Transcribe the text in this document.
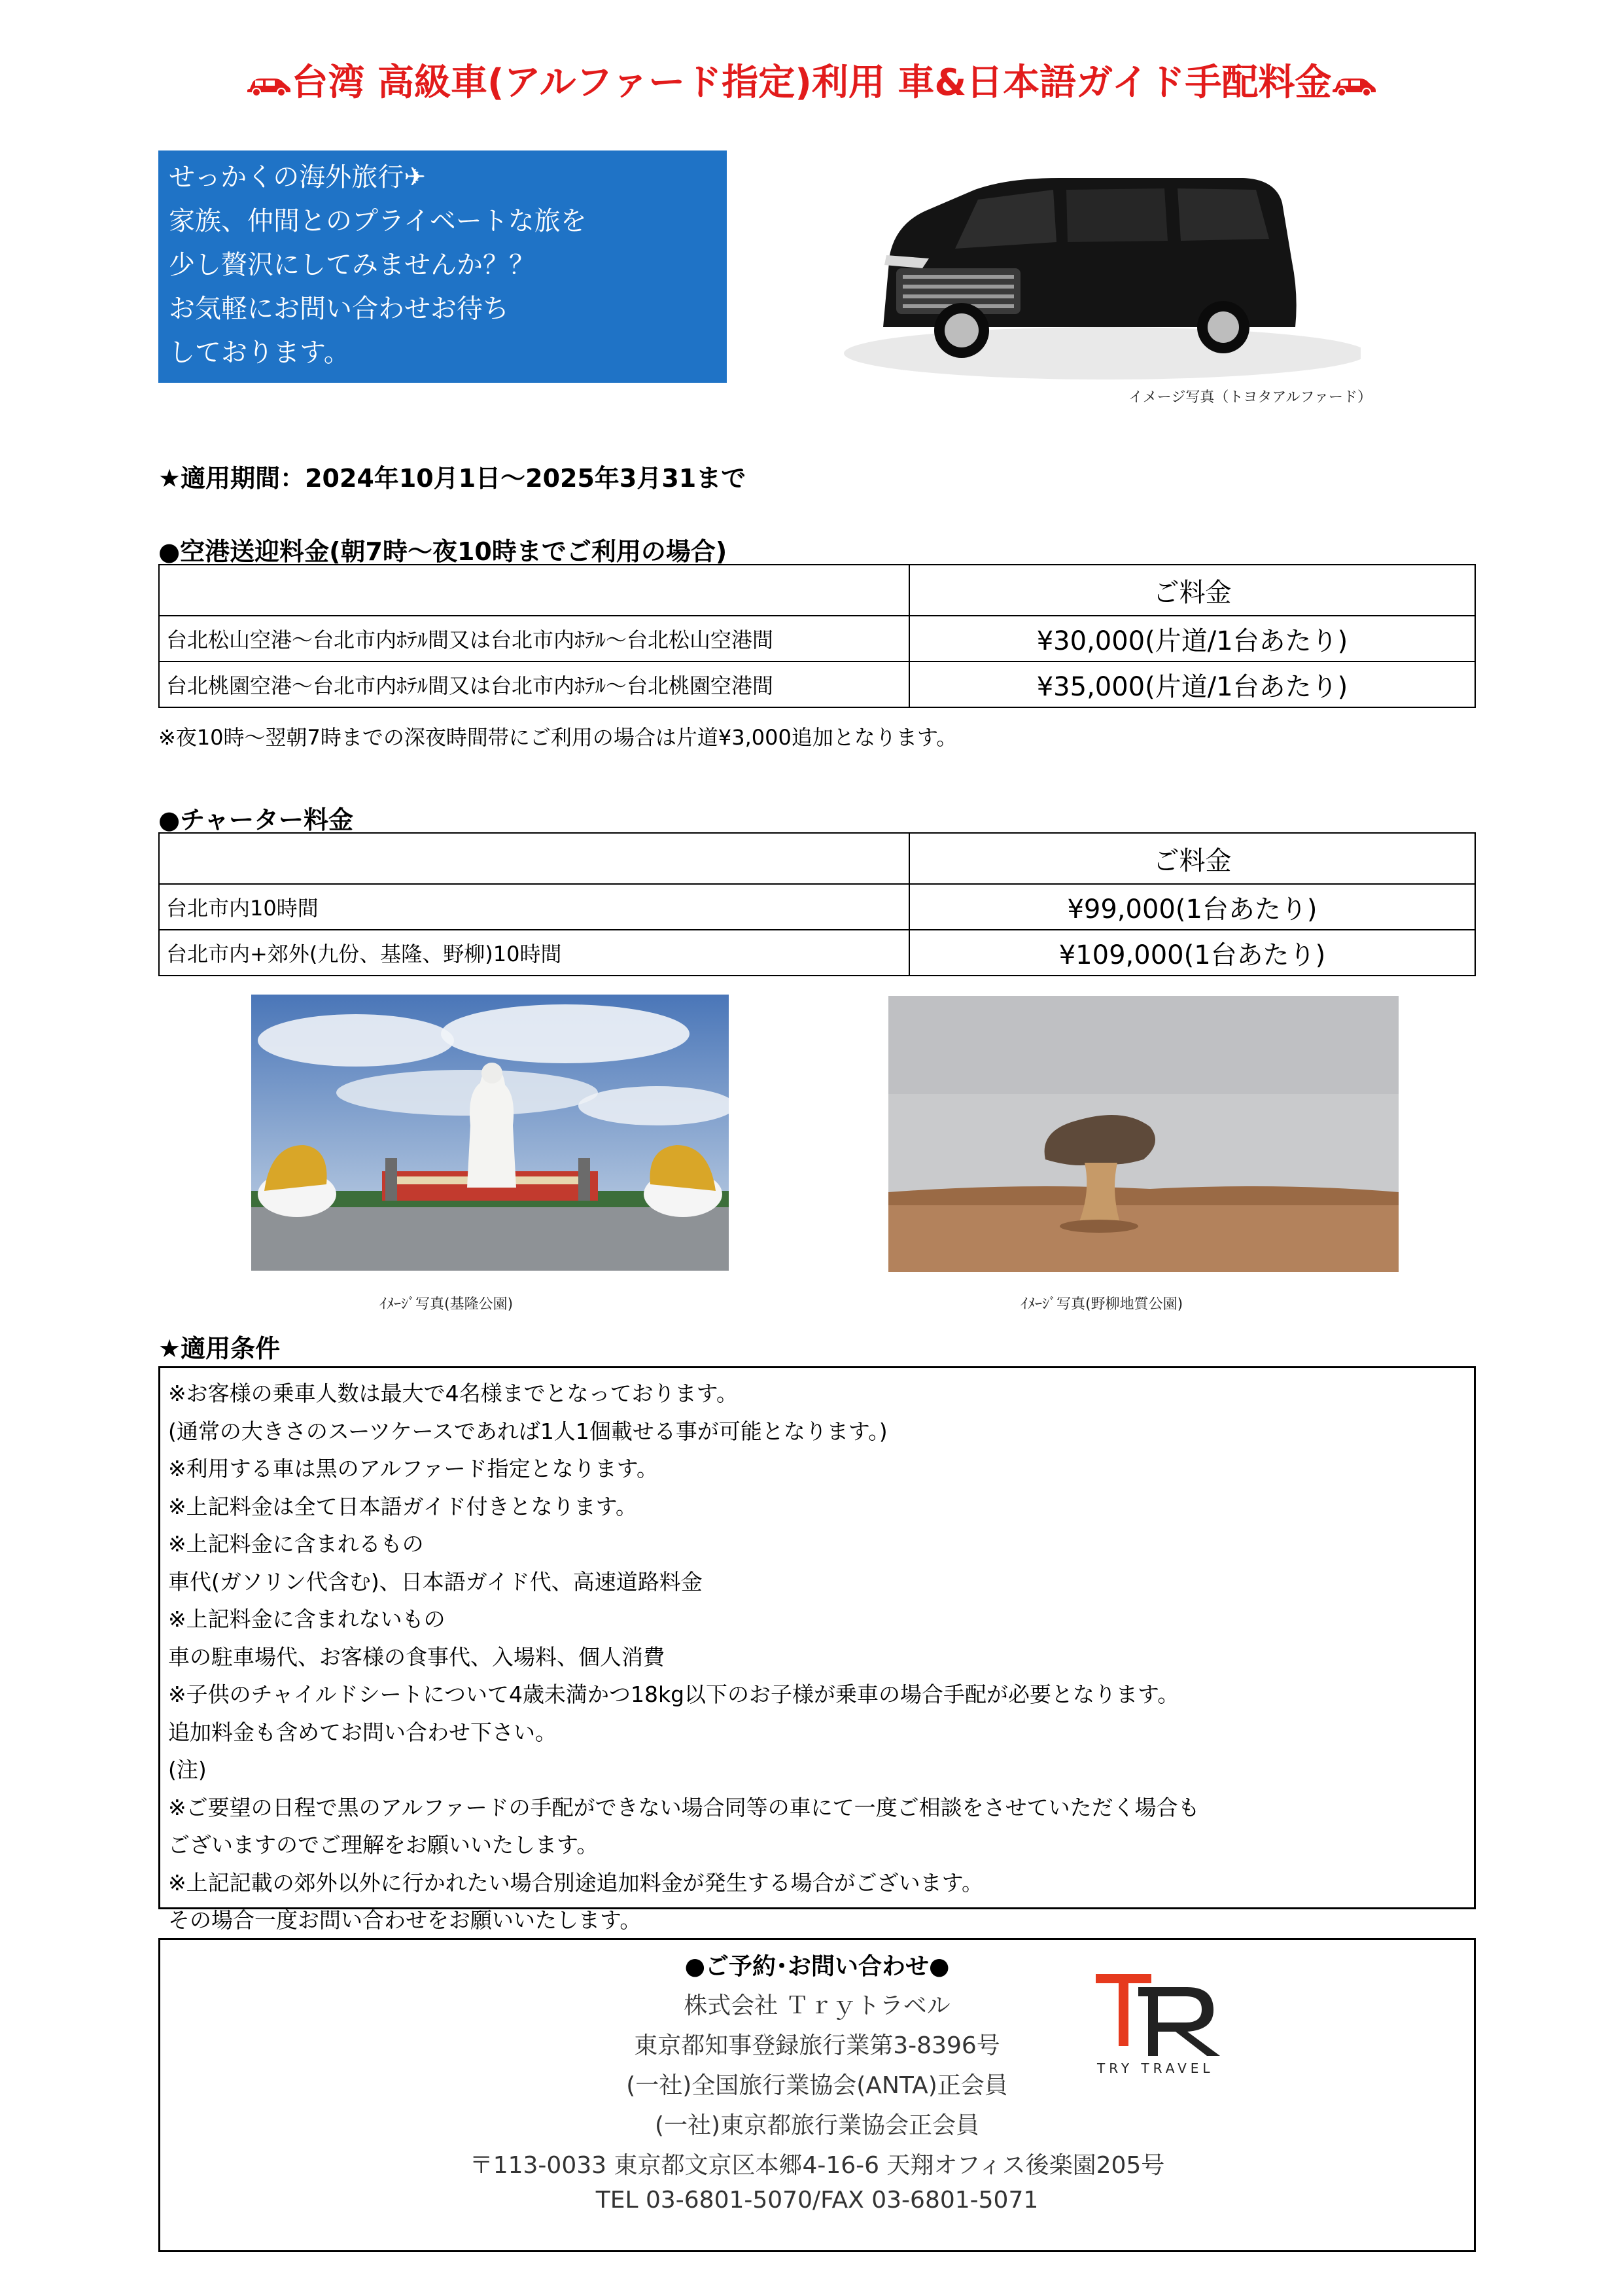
台湾 高級車(アルファード指定)利用 車&日本語ガイド手配料金
せっかくの海外旅行✈
家族、仲間とのプライベートな旅を
少し贅沢にしてみませんか？？
お気軽にお問い合わせお待ち
しております。
イメージ写真（トヨタアルファード）
★適用期間：2024年10月1日～2025年3月31まで
●空港送迎料金(朝7時～夜10時までご利用の場合)
	ご料金
台北松山空港～台北市内ﾎﾃﾙ間又は台北市内ﾎﾃﾙ～台北松山空港間	¥30,000(片道/1台あたり)
台北桃園空港～台北市内ﾎﾃﾙ間又は台北市内ﾎﾃﾙ～台北桃園空港間	¥35,000(片道/1台あたり)
※夜10時～翌朝7時までの深夜時間帯にご利用の場合は片道¥3,000追加となります。
●チャーター料金
	ご料金
台北市内10時間	¥99,000(1台あたり)
台北市内+郊外(九份、基隆、野柳)10時間	¥109,000(1台あたり)
ｲﾒｰｼﾞ写真(基隆公園)	ｲﾒｰｼﾞ写真(野柳地質公園)
★適用条件
※お客様の乗車人数は最大で4名様までとなっております。
(通常の大きさのスーツケースであれば1人1個載せる事が可能となります。)
※利用する車は黒のアルファード指定となります。
※上記料金は全て日本語ガイド付きとなります。
※上記料金に含まれるもの
車代(ガソリン代含む)、日本語ガイド代、高速道路料金
※上記料金に含まれないもの
車の駐車場代、お客様の食事代、入場料、個人消費
※子供のチャイルドシートについて4歳未満かつ18kg以下のお子様が乗車の場合手配が必要となります。
追加料金も含めてお問い合わせ下さい。
(注)
※ご要望の日程で黒のアルファードの手配ができない場合同等の車にて一度ご相談をさせていただく場合も
ございますのでご理解をお願いいたします。
※上記記載の郊外以外に行かれたい場合別途追加料金が発生する場合がございます。
その場合一度お問い合わせをお願いいたします。
●ご予約･お問い合わせ●
株式会社 Ｔｒｙトラベル
東京都知事登録旅行業第3-8396号
(一社)全国旅行業協会(ANTA)正会員
(一社)東京都旅行業協会正会員
〒113-0033 東京都文京区本郷4-16-6 天翔オフィス後楽園205号
TEL 03-6801-5070/FAX 03-6801-5071
TRY TRAVEL
